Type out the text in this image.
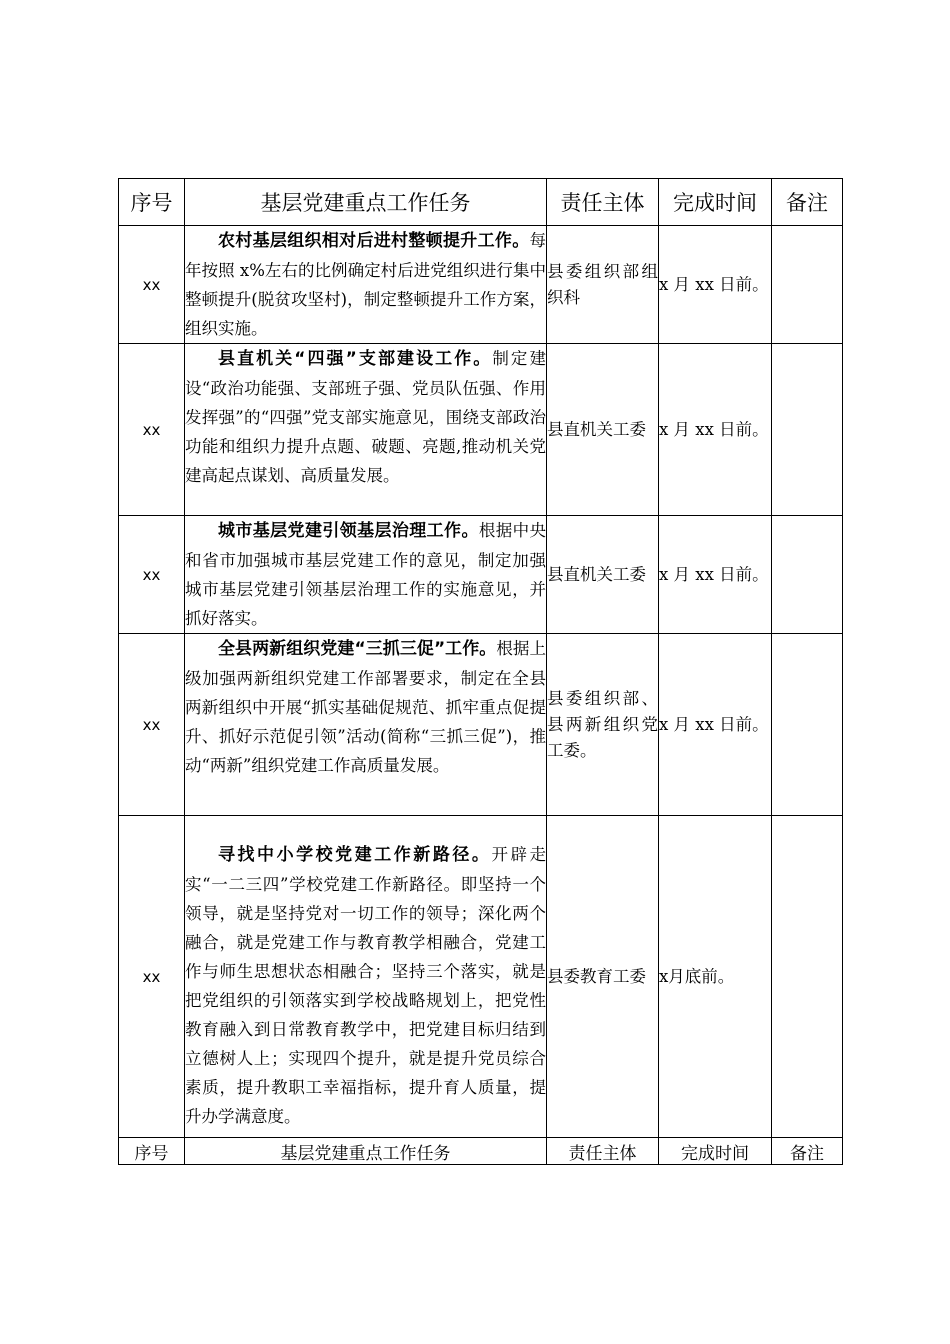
序号	基层党建重点工作任务	责任主体	完成时间	备注
xx	农村基层组织相对后进村整顿提升工作。每年按照 x%左右的比例确定村后进党组织进行集中整顿提升(脱贫攻坚村)，制定整顿提升工作方案，组织实施。	县委组织部组织科	x 月 xx 日前。	
xx	县直机关“四强”支部建设工作。制定建设“政治功能强、支部班子强、党员队伍强、作用发挥强”的“四强”党支部实施意见，围绕支部政治功能和组织力提升点题、破题、亮题,推动机关党建高起点谋划、高质量发展。	县直机关工委	x 月 xx 日前。	
xx	城市基层党建引领基层治理工作。根据中央和省市加强城市基层党建工作的意见，制定加强城市基层党建引领基层治理工作的实施意见，并抓好落实。	县直机关工委	x 月 xx 日前。	
xx	全县两新组织党建“三抓三促”工作。根据上级加强两新组织党建工作部署要求，制定在全县两新组织中开展“抓实基础促规范、抓牢重点促提升、抓好示范促引领”活动(简称“三抓三促”)，推动“两新”组织党建工作高质量发展。	县委组织部、县两新组织党工委。	x 月 xx 日前。	
xx	寻找中小学校党建工作新路径。开辟走实“一二三四”学校党建工作新路径。即坚持一个领导，就是坚持党对一切工作的领导；深化两个融合，就是党建工作与教育教学相融合，党建工作与师生思想状态相融合；坚持三个落实，就是把党组织的引领落实到学校战略规划上，把党性教育融入到日常教育教学中，把党建目标归结到立德树人上；实现四个提升，就是提升党员综合素质，提升教职工幸福指标，提升育人质量，提升办学满意度。	县委教育工委	x月底前。	
序号	基层党建重点工作任务	责任主体	完成时间	备注
